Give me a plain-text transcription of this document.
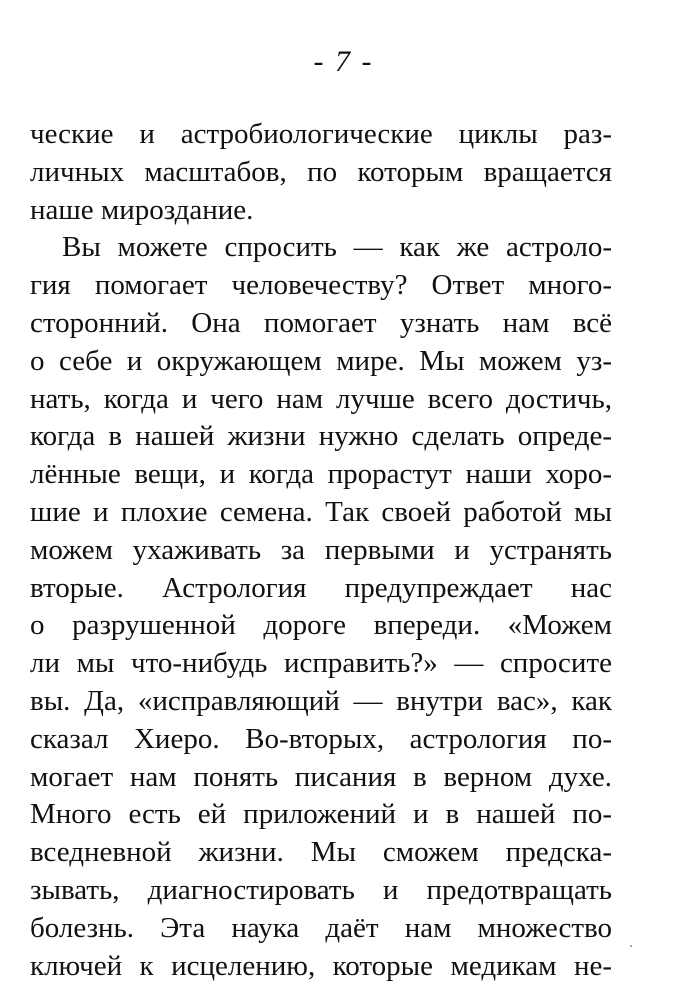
- 7 -
ческие и астробиологические циклы раз-
личных масштабов, по которым вращается
наше мироздание.
Вы можете спросить — как же астроло-
гия помогает человечеству? Ответ много-
сторонний. Она помогает узнать нам всё
о себе и окружающем мире. Мы можем уз-
нать, когда и чего нам лучше всего достичь,
когда в нашей жизни нужно сделать опреде-
лённые вещи, и когда прорастут наши хоро-
шие и плохие семена. Так своей работой мы
можем ухаживать за первыми и устранять
вторые. Астрология предупреждает нас
о разрушенной дороге впереди. «Можем
ли мы что-нибудь исправить?» — спросите
вы. Да, «исправляющий — внутри вас», как
сказал Хиеро. Во-вторых, астрология по-
могает нам понять писания в верном духе.
Много есть ей приложений и в нашей по-
вседневной жизни. Мы сможем предска-
зывать, диагностировать и предотвращать
болезнь. Эта наука даёт нам множество
ключей к исцелению, которые медикам не-
